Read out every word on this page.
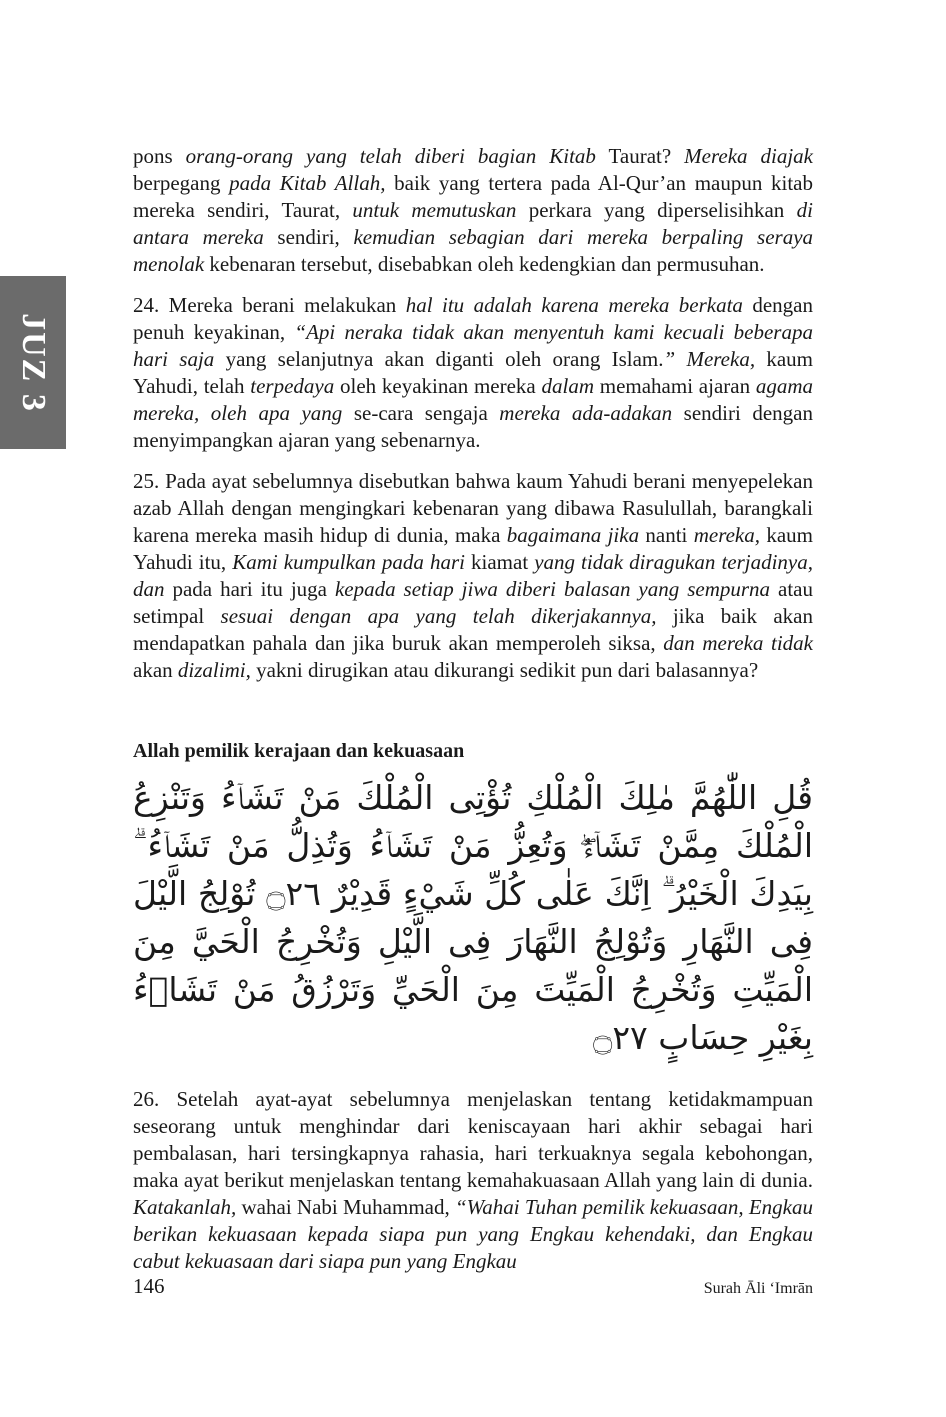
JUZ 3

pons orang-orang yang telah diberi bagian Kitab Taurat? Mereka diajak berpegang pada Kitab Allah, baik yang tertera pada Al-Qur’an maupun kitab mereka sendiri, Taurat, untuk memutuskan perkara yang diperselisihkan di antara mereka sendiri, kemudian sebagian dari mereka berpaling seraya menolak kebenaran tersebut, disebabkan oleh kedengkian dan permusuhan.

24. Mereka berani melakukan hal itu adalah karena mereka berkata dengan penuh keyakinan, “Api neraka tidak akan menyentuh kami kecuali beberapa hari saja yang selanjutnya akan diganti oleh orang Islam.” Mereka, kaum Yahudi, telah terpedaya oleh keyakinan mereka dalam memahami ajaran agama mereka, oleh apa yang se-cara sengaja mereka ada-adakan sendiri dengan menyimpangkan ajaran yang sebenarnya.

25. Pada ayat sebelumnya disebutkan bahwa kaum Yahudi berani menyepelekan azab Allah dengan mengingkari kebenaran yang dibawa Rasulullah, barangkali karena mereka masih hidup di dunia, maka bagaimana jika nanti mereka, kaum Yahudi itu, Kami kumpulkan pada hari kiamat yang tidak diragukan terjadinya, dan pada hari itu juga kepada setiap jiwa diberi balasan yang sempurna atau setimpal sesuai dengan apa yang telah dikerjakannya, jika baik akan mendapatkan pahala dan jika buruk akan memperoleh siksa, dan mereka tidak akan dizalimi, yakni dirugikan atau dikurangi sedikit pun dari balasannya?

Allah pemilik kerajaan dan kekuasaan
قُلِ اللّٰهُمَّ مٰلِكَ الْمُلْكِ تُؤْتِى الْمُلْكَ مَنْ تَشَاۤءُ وَتَنْزِعُ الْمُلْكَ مِمَّنْ تَشَاۤءُۖ وَتُعِزُّ مَنْ تَشَاۤءُ وَتُذِلُّ مَنْ تَشَاۤءُ ۗ بِيَدِكَ الْخَيْرُ ۗ اِنَّكَ عَلٰى كُلِّ شَيْءٍ قَدِيْرٌ ۝٢٦ تُوْلِجُ الَّيْلَ فِى النَّهَارِ وَتُوْلِجُ النَّهَارَ فِى الَّيْلِ وَتُخْرِجُ الْحَيَّ مِنَ الْمَيِّتِ وَتُخْرِجُ الْمَيِّتَ مِنَ الْحَيِّ وَتَرْزُقُ مَنْ تَشَاۤءُ بِغَيْرِ حِسَابٍ ۝٢٧

26. Setelah ayat-ayat sebelumnya menjelaskan tentang ketidakmampuan seseorang untuk menghindar dari keniscayaan hari akhir sebagai hari pembalasan, hari tersingkapnya rahasia, hari terkuaknya segala kebohongan, maka ayat berikut menjelaskan tentang kemahakuasaan Allah yang lain di dunia. Katakanlah, wahai Nabi Muhammad, “Wahai Tuhan pemilik kekuasaan, Engkau berikan kekuasaan kepada siapa pun yang Engkau kehendaki, dan Engkau cabut kekuasaan dari siapa pun yang Engkau

146	Surah Āli ‘Imrān
